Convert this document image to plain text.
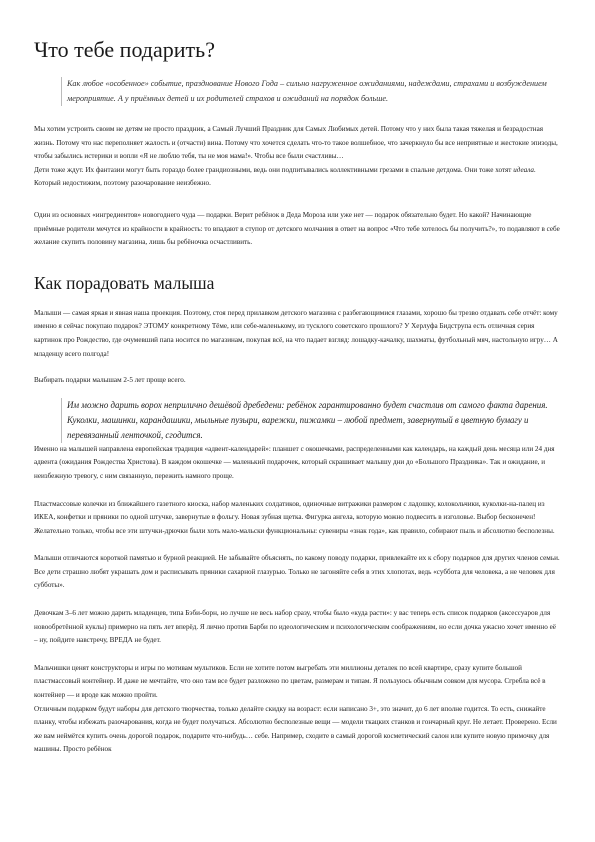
Что тебе подарить?
Как любое «особенное» событие, празднование Нового Года – сильно нагруженное ожиданиями, надеждами, страхами и возбуждением мероприятие. А у приёмных детей и их родителей страхов и ожиданий на порядок больше.

Мы хотим устроить своим не детям не просто праздник, а Самый Лучший Праздник для Самых Любимых детей. Потому что у них была такая тяжелая и безрадостная жизнь. Потому что нас переполняет жалость и (отчасти) вина. Потому что хочется сделать что-то такое волшебное, что зачеркнуло бы все неприятные и жестокие эпизоды, чтобы забылись истерики и вопли «Я не люблю тебя, ты не моя мама!». Чтобы все были счастливы…

Дети тоже ждут. Их фантазии могут быть гораздо более грандиозными, ведь они подпитывались коллективными грезами в спальне детдома. Они тоже хотят идеала. Который недостижим, поэтому разочарование неизбежно.

Один из основных «ингредиентов» новогоднего чуда — подарки. Верит ребёнок в Деда Мороза или уже нет — подарок обязательно будет. Но какой? Начинающие приёмные родители мечутся из крайности в крайность: то впадают в ступор от детского молчания в ответ на вопрос «Что тебе хотелось бы получить?», то подавляют в себе желание скупить половину магазина, лишь бы ребёночка осчастливить.

Как порадовать малыша

Малыши — самая яркая и явная наша проекция. Поэтому, стоя перед прилавком детского магазина с разбегающимися глазами, хорошо бы трезво отдавать себе отчёт: кому именно я сейчас покупаю подарок? ЭТОМУ конкретному Тёме, или себе-маленькому, из тусклого советского прошлого? У Херлуфа Бидструпа есть отличная серия картинок про Рождество, где очумевший папа носится по магазинам, покупая всё, на что падает взгляд: лошадку-качалку, шахматы, футбольный мяч, настольную игру… А младенцу всего полгода!

Выбирать подарки малышам 2-5 лет проще всего.

Им можно дарить ворох неприлично дешёвой дребедени: ребёнок гарантированно будет счастлив от самого факта дарения. Куколки, машинки, карандашики, мыльные пузыри, варежки, пижамки – любой предмет, завернутый в цветную бумагу и перевязанный ленточкой, сгодится.

Именно на малышей направлена европейская традиция «адвент-календарей»: планшет с окошечками, распределенными как календарь, на каждый день месяца или 24 дня адвента (ожидания Рождества Христова). В каждом окошечке — маленький подарочек, который скрашивает малышу дни до «Большого Праздника». Так и ожидание, и неизбежную тревогу, с ним связанную, пережить намного проще.

Пластмассовые колечки из ближайшего газетного киоска, набор маленьких солдатиков, одиночные витражики размером с ладошку, колокольчики, куколки-на-палец из ИКЕА, конфетки и пряники по одной штучке, завернутые в фольгу. Новая зубная щетка. Фигурка ангела, которую можно подвесить в изголовье. Выбор бесконечен! Желательно только, чтобы все эти штучки-дрючки были хоть мало-мальски функциональны: сувениры «знак года», как правило, собирают пыль и абсолютно бесполезны.

Малыши отличаются короткой памятью и бурной реакцией. Не забывайте объяснять, по какому поводу подарки, привлекайте их к сбору подарков для других членов семьи. Все дети страшно любят украшать дом и расписывать пряники сахарной глазурью. Только не загоняйте себя в этих хлопотах, ведь «суббота для человека, а не человек для субботы».

Девочкам 3–6 лет можно дарить младенцев, типа Бэби-борн, но лучше не весь набор сразу, чтобы было «куда расти»: у вас теперь есть список подарков (аксессуаров для новообретённой куклы) примерно на пять лет вперёд. Я лично против Барби по идеологическим и психологическим соображениям, но если дочка ужасно хочет именно её – ну, пойдите навстречу, ВРЕДА не будет.

Мальчишки ценят конструкторы и игры по мотивам мультиков. Если не хотите потом выгребать эти миллионы деталек по всей квартире, сразу купите большой пластмассовый контейнер. И даже не мечтайте, что оно там все будет разложено по цветам, размерам и типам. Я пользуюсь обычным совком для мусора. Сгребла всё в контейнер — и вроде как можно пройти.

Отличным подарком будут наборы для детского творчества, только делайте скидку на возраст: если написано 3+, это значит, до 6 лет вполне годится. То есть, снижайте планку, чтобы избежать разочарования, когда не будет получаться. Абсолютно бесполезные вещи — модели ткацких станков и гончарный круг. Не летает. Проверено. Если же вам неймётся купить очень дорогой подарок, подарите что-нибудь… себе. Например, сходите в самый дорогой косметический салон или купите новую примочку для машины. Просто ребёнок
